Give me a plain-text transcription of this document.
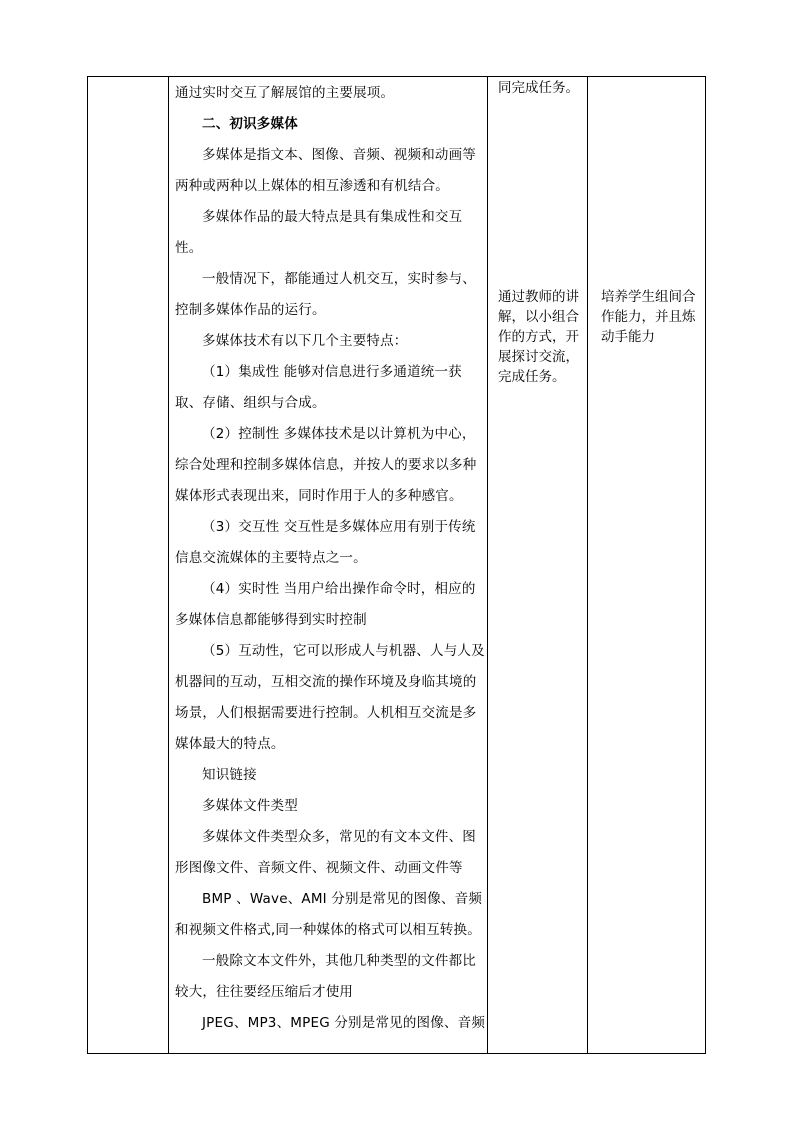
通过实时交互了解展馆的主要展项。

二、初识多媒体

多媒体是指文本、图像、音频、视频和动画等两种或两种以上媒体的相互渗透和有机结合。

多媒体作品的最大特点是具有集成性和交互性。

一般情况下，都能通过人机交互，实时参与、控制多媒体作品的运行。

多媒体技术有以下几个主要特点：

（1）集成性 能够对信息进行多通道统一获取、存储、组织与合成。

（2）控制性 多媒体技术是以计算机为中心，综合处理和控制多媒体信息，并按人的要求以多种媒体形式表现出来，同时作用于人的多种感官。

（3）交互性 交互性是多媒体应用有别于传统信息交流媒体的主要特点之一。

（4）实时性 当用户给出操作命令时，相应的多媒体信息都能够得到实时控制

（5）互动性，它可以形成人与机器、人与人及机器间的互动，互相交流的操作环境及身临其境的场景，人们根据需要进行控制。人机相互交流是多媒体最大的特点。

知识链接

多媒体文件类型

多媒体文件类型众多，常见的有文本文件、图形图像文件、音频文件、视频文件、动画文件等

BMP 、Wave、AMI 分别是常见的图像、音频和视频文件格式,同一种媒体的格式可以相互转换。

一般除文本文件外，其他几种类型的文件都比较大，往往要经压缩后才使用

JPEG、MP3、MPEG 分别是常见的图像、音频

同完成任务。
通过教师的讲解，以小组合作的方式，开展探讨交流，完成任务。
培养学生组间合作能力，并且炼动手能力
